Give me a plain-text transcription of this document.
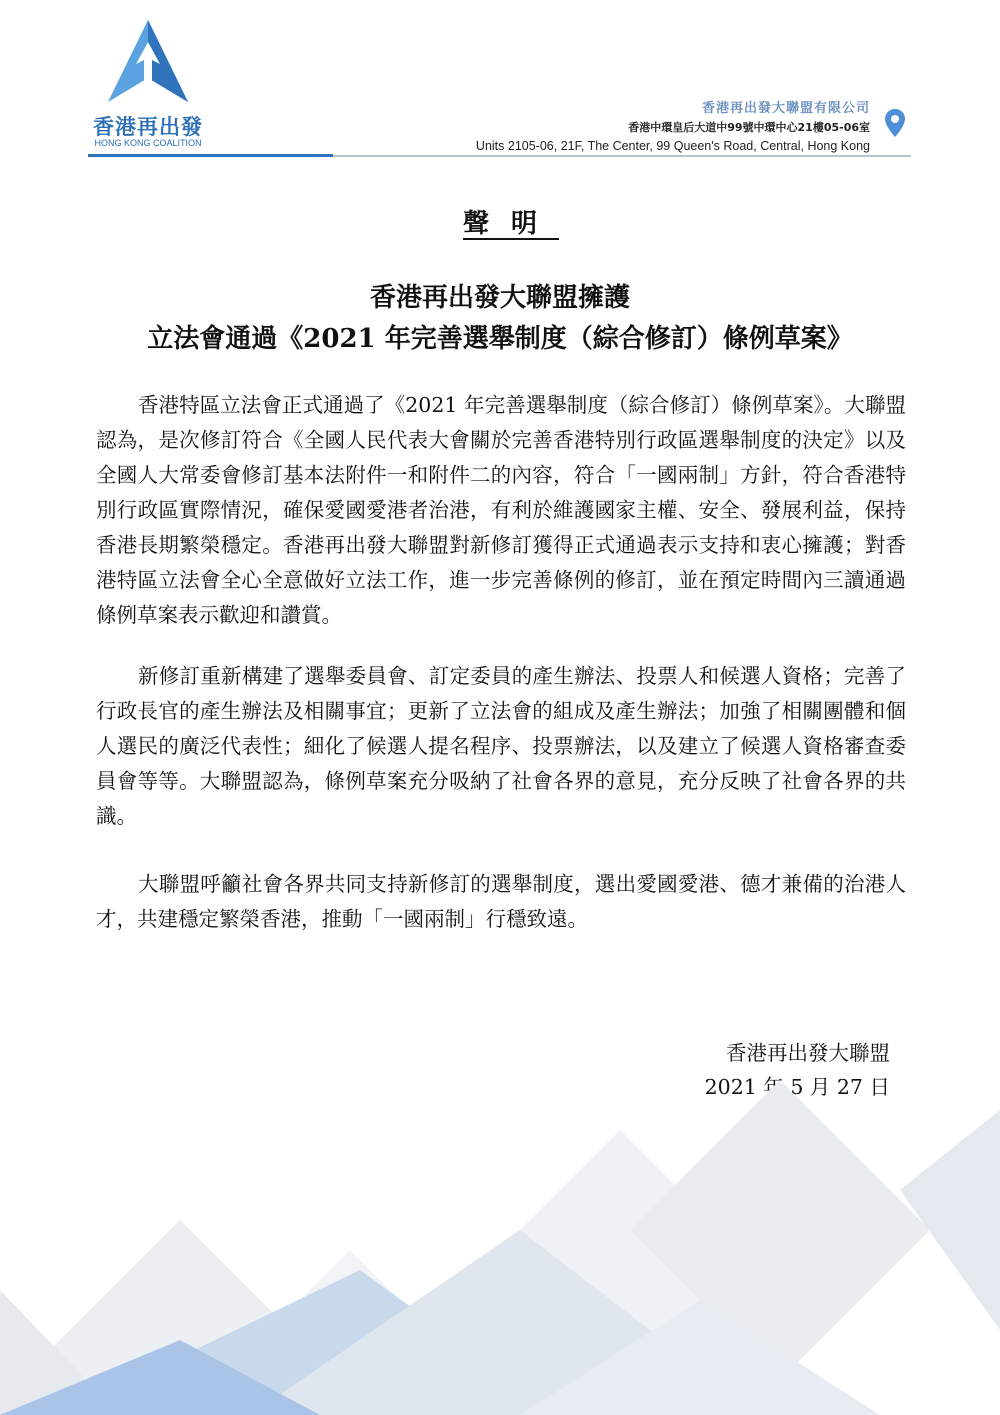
香港再出發
HONG KONG COALITION
香港再出發大聯盟有限公司
香港中環皇后大道中99號中環中心21樓05-06室
Units 2105-06, 21F, The Center, 99 Queen's Road, Central, Hong Kong
聲明
香港再出發大聯盟擁護
立法會通過《2021 年完善選舉制度（綜合修訂）條例草案》

香港特區立法會正式通過了《2021 年完善選舉制度（綜合修訂）條例草案》。大聯盟認為，是次修訂符合《全國人民代表大會關於完善香港特別行政區選舉制度的決定》以及全國人大常委會修訂基本法附件一和附件二的內容，符合「一國兩制」方針，符合香港特別行政區實際情況，確保愛國愛港者治港，有利於維護國家主權、安全、發展利益，保持香港長期繁榮穩定。香港再出發大聯盟對新修訂獲得正式通過表示支持和衷心擁護；對香港特區立法會全心全意做好立法工作，進一步完善條例的修訂，並在預定時間內三讀通過條例草案表示歡迎和讚賞。

新修訂重新構建了選舉委員會、訂定委員的產生辦法、投票人和候選人資格；完善了行政長官的產生辦法及相關事宜；更新了立法會的組成及產生辦法；加強了相關團體和個人選民的廣泛代表性；細化了候選人提名程序、投票辦法，以及建立了候選人資格審查委員會等等。大聯盟認為，條例草案充分吸納了社會各界的意見，充分反映了社會各界的共識。

大聯盟呼籲社會各界共同支持新修訂的選舉制度，選出愛國愛港、德才兼備的治港人才，共建穩定繁榮香港，推動「一國兩制」行穩致遠。

香港再出發大聯盟
2021 年 5 月 27 日
